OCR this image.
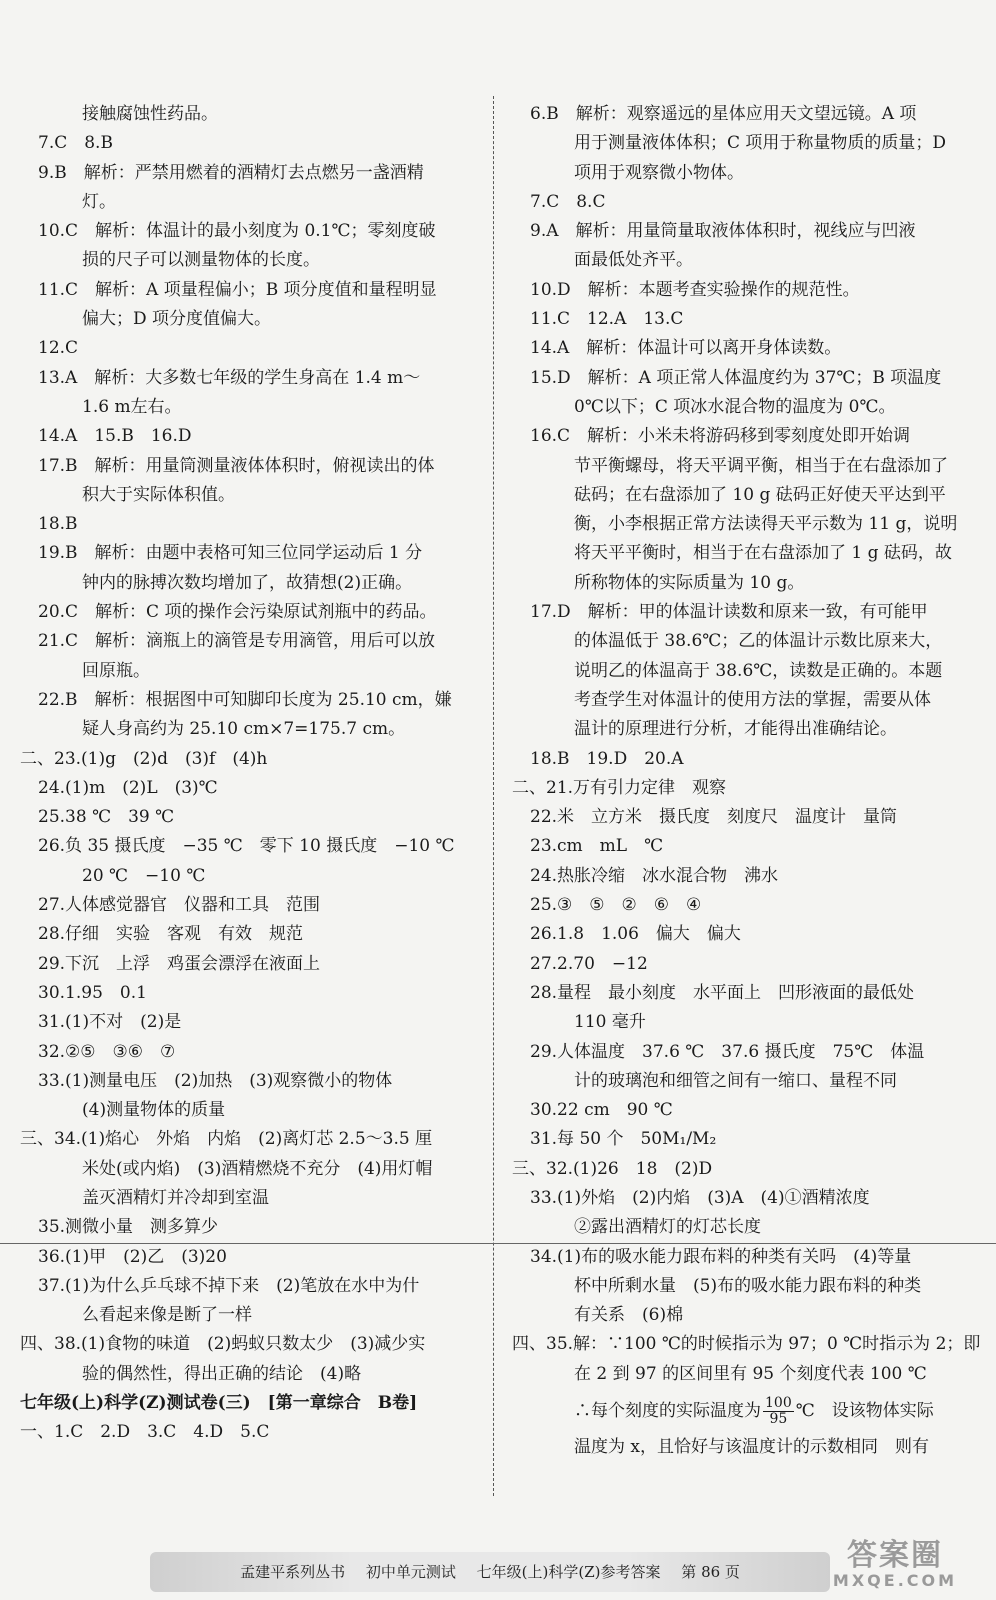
接触腐蚀性药品。
7.C　8.B
9.B　解析：严禁用燃着的酒精灯去点燃另一盏酒精
灯。
10.C　解析：体温计的最小刻度为 0.1℃；零刻度破
损的尺子可以测量物体的长度。
11.C　解析：A 项量程偏小；B 项分度值和量程明显
偏大；D 项分度值偏大。
12.C
13.A　解析：大多数七年级的学生身高在 1.4 m～
1.6 m左右。
14.A　15.B　16.D
17.B　解析：用量筒测量液体体积时，俯视读出的体
积大于实际体积值。
18.B
19.B　解析：由题中表格可知三位同学运动后 1 分
钟内的脉搏次数均增加了，故猜想(2)正确。
20.C　解析：C 项的操作会污染原试剂瓶中的药品。
21.C　解析：滴瓶上的滴管是专用滴管，用后可以放
回原瓶。
22.B　解析：根据图中可知脚印长度为 25.10 cm，嫌
疑人身高约为 25.10 cm×7=175.7 cm。
二、23.(1)g　(2)d　(3)f　(4)h
24.(1)m　(2)L　(3)℃
25.38 ℃　39 ℃
26.负 35 摄氏度　−35 ℃　零下 10 摄氏度　−10 ℃
20 ℃　−10 ℃
27.人体感觉器官　仪器和工具　范围
28.仔细　实验　客观　有效　规范
29.下沉　上浮　鸡蛋会漂浮在液面上
30.1.95　0.1
31.(1)不对　(2)是
32.②⑤　③⑥　⑦
33.(1)测量电压　(2)加热　(3)观察微小的物体
(4)测量物体的质量
三、34.(1)焰心　外焰　内焰　(2)离灯芯 2.5～3.5 厘
米处(或内焰)　(3)酒精燃烧不充分　(4)用灯帽
盖灭酒精灯并冷却到室温
35.测微小量　测多算少
36.(1)甲　(2)乙　(3)20
37.(1)为什么乒乓球不掉下来　(2)笔放在水中为什
么看起来像是断了一样
四、38.(1)食物的味道　(2)蚂蚁只数太少　(3)减少实
验的偶然性，得出正确的结论　(4)略
七年级(上)科学(Z)测试卷(三)　[第一章综合　B卷]
一、1.C　2.D　3.C　4.D　5.C
6.B　解析：观察遥远的星体应用天文望远镜。A 项
用于测量液体体积；C 项用于称量物质的质量；D
项用于观察微小物体。
7.C　8.C
9.A　解析：用量筒量取液体体积时，视线应与凹液
面最低处齐平。
10.D　解析：本题考查实验操作的规范性。
11.C　12.A　13.C
14.A　解析：体温计可以离开身体读数。
15.D　解析：A 项正常人体温度约为 37℃；B 项温度
0℃以下；C 项冰水混合物的温度为 0℃。
16.C　解析：小米未将游码移到零刻度处即开始调
节平衡螺母，将天平调平衡，相当于在右盘添加了
砝码；在右盘添加了 10 g 砝码正好使天平达到平
衡，小李根据正常方法读得天平示数为 11 g，说明
将天平平衡时，相当于在右盘添加了 1 g 砝码，故
所称物体的实际质量为 10 g。
17.D　解析：甲的体温计读数和原来一致，有可能甲
的体温低于 38.6℃；乙的体温计示数比原来大，
说明乙的体温高于 38.6℃，读数是正确的。本题
考查学生对体温计的使用方法的掌握，需要从体
温计的原理进行分析，才能得出准确结论。
18.B　19.D　20.A
二、21.万有引力定律　观察
22.米　立方米　摄氏度　刻度尺　温度计　量筒
23.cm　mL　℃
24.热胀冷缩　冰水混合物　沸水
25.③　⑤　②　⑥　④
26.1.8　1.06　偏大　偏大
27.2.70　−12
28.量程　最小刻度　水平面上　凹形液面的最低处
110 毫升
29.人体温度　37.6 ℃　37.6 摄氏度　75℃　体温
计的玻璃泡和细管之间有一缩口、量程不同
30.22 cm　90 ℃
31.每 50 个　50M₁/M₂
三、32.(1)26　18　(2)D
33.(1)外焰　(2)内焰　(3)A　(4)①酒精浓度
②露出酒精灯的灯芯长度
34.(1)布的吸水能力跟布料的种类有关吗　(4)等量
杯中所剩水量　(5)布的吸水能力跟布料的种类
有关系　(6)棉
四、35.解：∵100 ℃的时候指示为 97；0 ℃时指示为 2；即
在 2 到 97 的区间里有 95 个刻度代表 100 ℃
∴每个刻度的实际温度为 $\frac{100}{95}$ ℃　设该物体实际
温度为 x，且恰好与该温度计的示数相同　则有
孟建平系列丛书 初中单元测试 七年级(上)科学(Z)参考答案 第 86 页	答案圈
MXQE.COM
